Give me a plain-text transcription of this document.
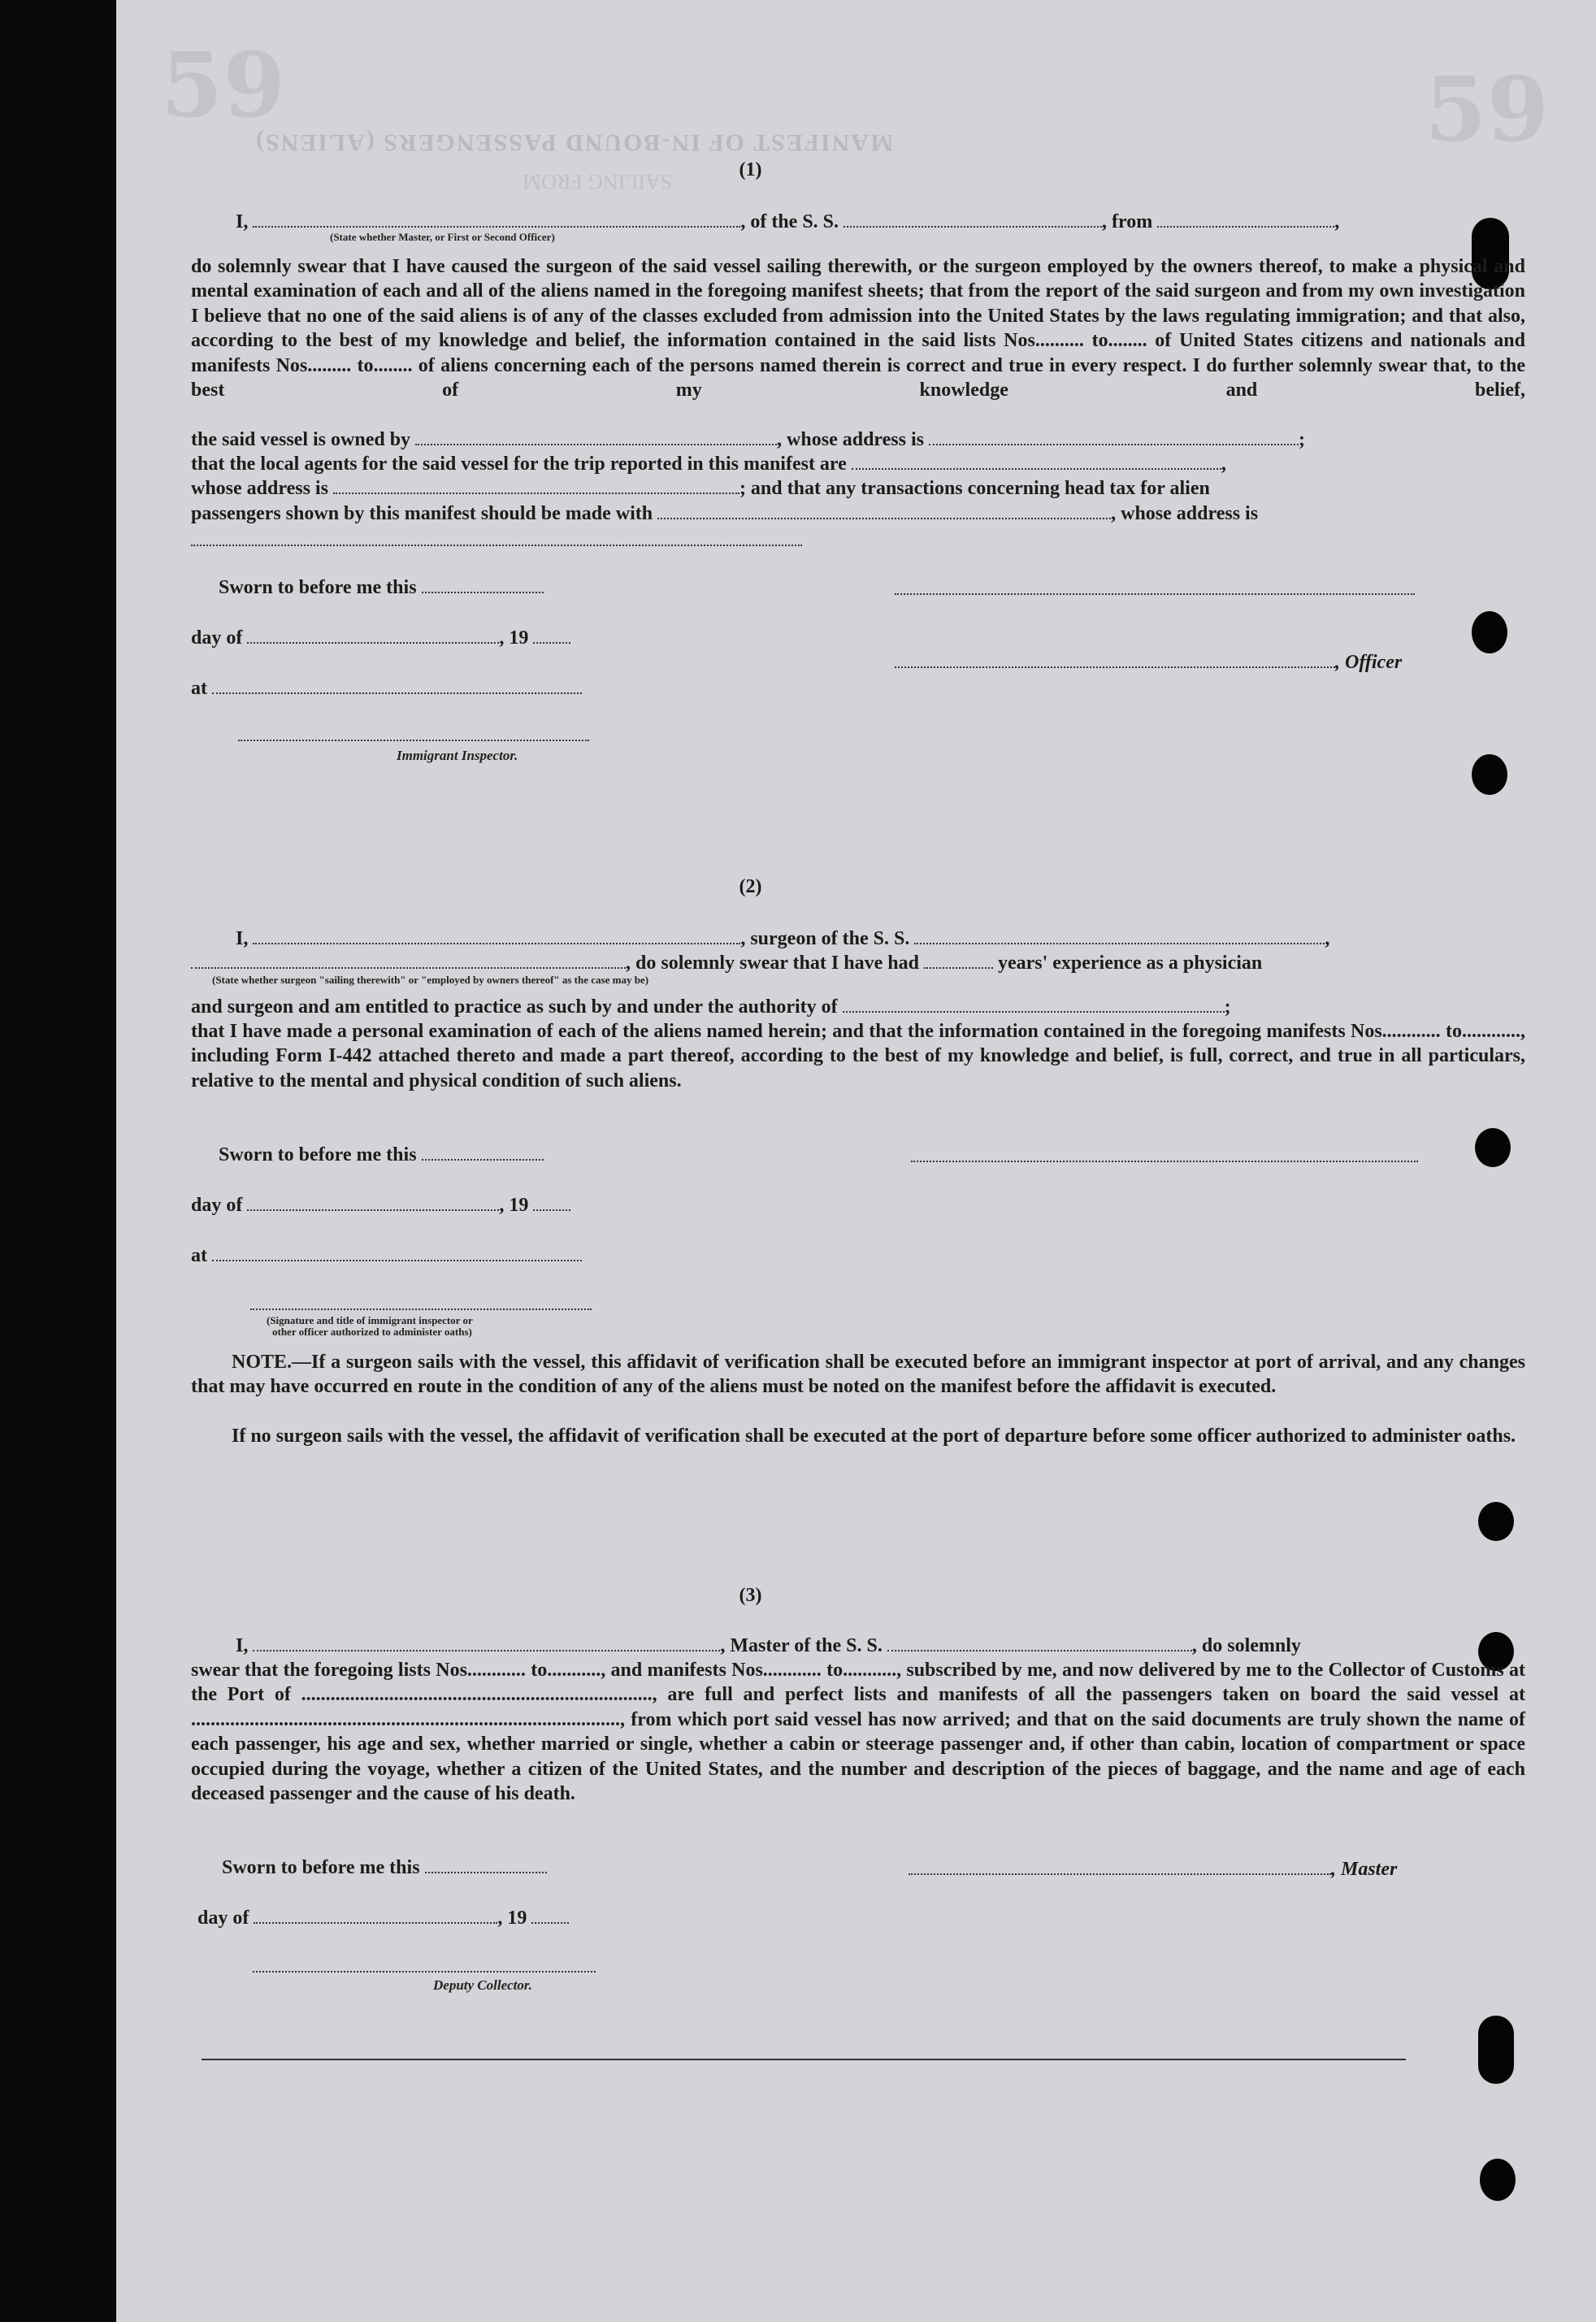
59	59
MANIFEST OF IN-BOUND PASSENGERS (ALIENS)
SAILING FROM	(1)
I,	, of the S. S.	, from	,
(State whether Master, or First or Second Officer)
do solemnly swear that I have caused the surgeon of the said vessel sailing therewith, or the surgeon employed by the owners thereof, to make a physical and mental examination of each and all of the aliens named in the foregoing manifest sheets; that from the report of the said surgeon and from my own investigation I believe that no one of the said aliens is of any of the classes excluded from admission into the United States by the laws regulating immigration; and that also, according to the best of my knowledge and belief, the information contained in the said lists Nos.......... to........ of United States citizens and nationals and manifests Nos......... to........ of aliens concerning each of the persons named therein is correct and true in every respect. I do further solemnly swear that, to the best of my knowledge and belief,
the said vessel is owned by	, whose address is	;
that the local agents for the said vessel for the trip reported in this manifest are	,
whose address is	; and that any transactions concerning head tax for alien
passengers shown by this manifest should be made with	, whose address is
Sworn to before me this
day of	, 19
, Officer
at
Immigrant Inspector.
(2)
I,	, surgeon of the S. S.	,
, do solemnly swear that I have had	years' experience as a physician
(State whether surgeon "sailing therewith" or "employed by owners thereof" as the case may be)
and surgeon and am entitled to practice as such by and under the authority of	;
that I have made a personal examination of each of the aliens named herein; and that the information contained in the foregoing manifests Nos............ to............, including Form I-442 attached thereto and made a part thereof, according to the best of my knowledge and belief, is full, correct, and true in all particulars, relative to the mental and physical condition of such aliens.
Sworn to before me this
day of	, 19
at
(Signature and title of immigrant inspector or
other officer authorized to administer oaths)
NOTE.—If a surgeon sails with the vessel, this affidavit of verification shall be executed before an immigrant inspector at port of arrival, and any changes that may have occurred en route in the condition of any of the aliens must be noted on the manifest before the affidavit is executed.
If no surgeon sails with the vessel, the affidavit of verification shall be executed at the port of departure before some officer authorized to administer oaths.
(3)
I,	, Master of the S. S.	, do solemnly
swear that the foregoing lists Nos............ to..........., and manifests Nos............ to..........., subscribed by me, and now delivered by me to the Collector of Customs at the Port of ........................................................................, are full and perfect lists and manifests of all the passengers taken on board the said vessel at ........................................................................................, from which port said vessel has now arrived; and that on the said documents are truly shown the name of each passenger, his age and sex, whether married or single, whether a cabin or steerage passenger and, if other than cabin, location of compartment or space occupied during the voyage, whether a citizen of the United States, and the number and description of the pieces of baggage, and the name and age of each deceased passenger and the cause of his death.
Sworn to before me this	, Master
day of	, 19
Deputy Collector.
